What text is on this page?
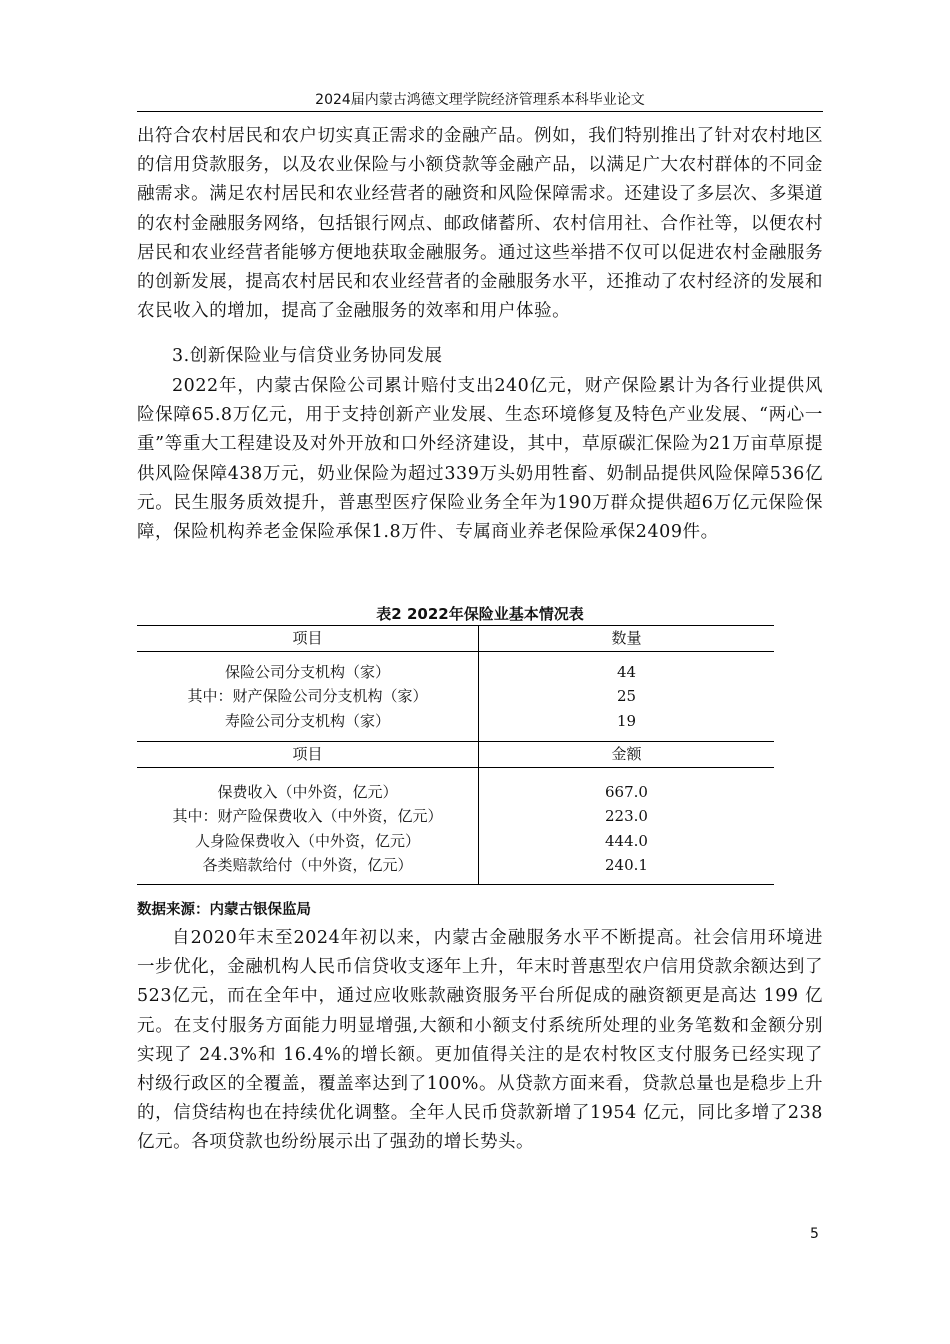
2024届内蒙古鸿德文理学院经济管理系本科毕业论文

出符合农村居民和农户切实真正需求的金融产品。例如，我们特别推出了针对农村地区的信用贷款服务，以及农业保险与小额贷款等金融产品，以满足广大农村群体的不同金融需求。满足农村居民和农业经营者的融资和风险保障需求。还建设了多层次、多渠道的农村金融服务网络，包括银行网点、邮政储蓄所、农村信用社、合作社等，以便农村居民和农业经营者能够方便地获取金融服务。通过这些举措不仅可以促进农村金融服务的创新发展，提高农村居民和农业经营者的金融服务水平，还推动了农村经济的发展和农民收入的增加，提高了金融服务的效率和用户体验。

3.创新保险业与信贷业务协同发展

2022年，内蒙古保险公司累计赔付支出240亿元，财产保险累计为各行业提供风险保障65.8万亿元，用于支持创新产业发展、生态环境修复及特色产业发展、“两心一重”等重大工程建设及对外开放和口外经济建设，其中，草原碳汇保险为21万亩草原提供风险保障438万元，奶业保险为超过339万头奶用牲畜、奶制品提供风险保障536亿元。民生服务质效提升，普惠型医疗保险业务全年为190万群众提供超6万亿元保险保障，保险机构养老金保险承保1.8万件、专属商业养老保险承保2409件。

表2 2022年保险业基本情况表
项目	数量

保险公司分支机构（家）	44
其中：财产保险公司分支机构（家）	25
寿险公司分支机构（家）	19

项目	金额

保费收入（中外资，亿元）	667.0
其中：财产险保费收入（中外资，亿元）	223.0
人身险保费收入（中外资，亿元）	444.0
各类赔款给付（中外资，亿元）	240.1

数据来源：内蒙古银保监局

自2020年末至2024年初以来，内蒙古金融服务水平不断提高。社会信用环境进一步优化，金融机构人民币信贷收支逐年上升，年末时普惠型农户信用贷款余额达到了523亿元，而在全年中，通过应收账款融资服务平台所促成的融资额更是高达 199 亿元。在支付服务方面能力明显增强,大额和小额支付系统所处理的业务笔数和金额分别实现了 24.3%和 16.4%的增长额。更加值得关注的是农村牧区支付服务已经实现了村级行政区的全覆盖，覆盖率达到了100%。从贷款方面来看，贷款总量也是稳步上升的，信贷结构也在持续优化调整。全年人民币贷款新增了1954 亿元，同比多增了238亿元。各项贷款也纷纷展示出了强劲的增长势头。

5
